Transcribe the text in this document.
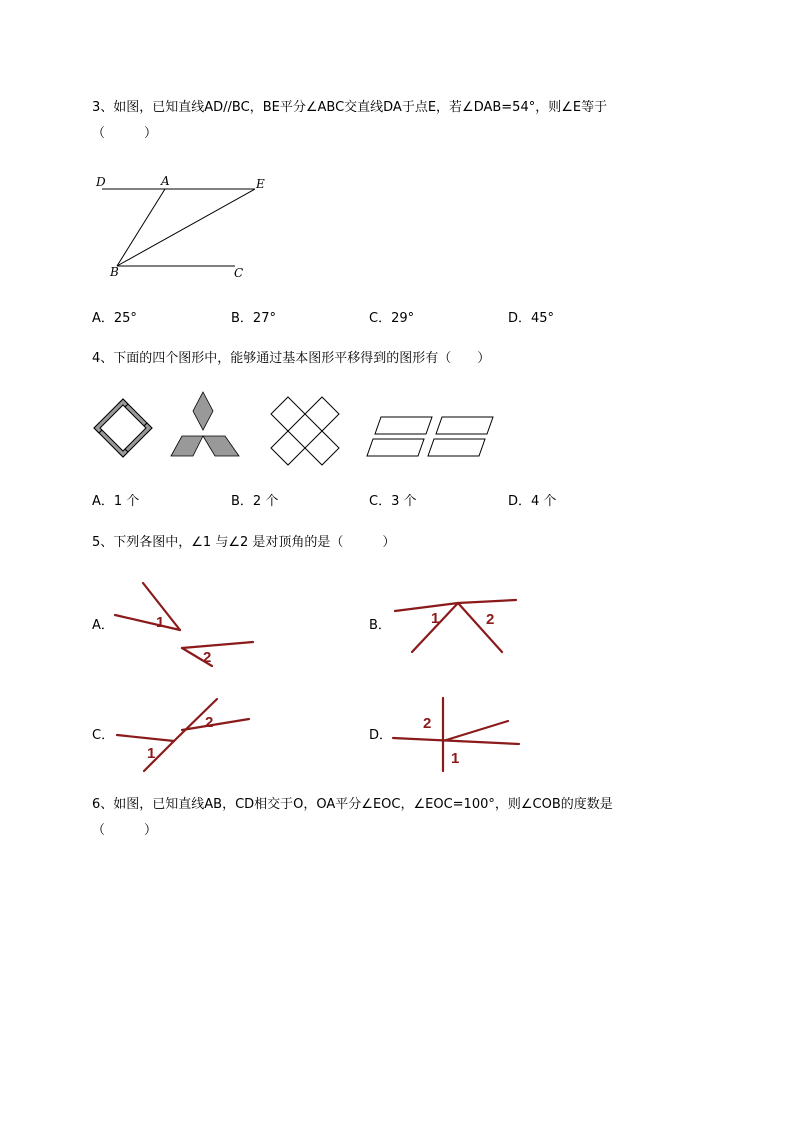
3、如图，已知直线AD//BC，BE平分∠ABC交直线DA于点E，若∠DAB=54°，则∠E等于
（　　　）
D	A	E
B	C
A．25°	B．27°	C．29°	D．45°
4、下面的四个图形中，能够通过基本图形平移得到的图形有（　　）
A．1 个	B．2 个	C．3 个	D．4 个
5、下列各图中，∠1 与∠2 是对顶角的是（　　　）
A．	1
2
B．	1	2
C．
1
2
D．
2
1
6、如图，已知直线AB，CD相交于O，OA平分∠EOC，∠EOC=100°，则∠COB的度数是
（　　　）
